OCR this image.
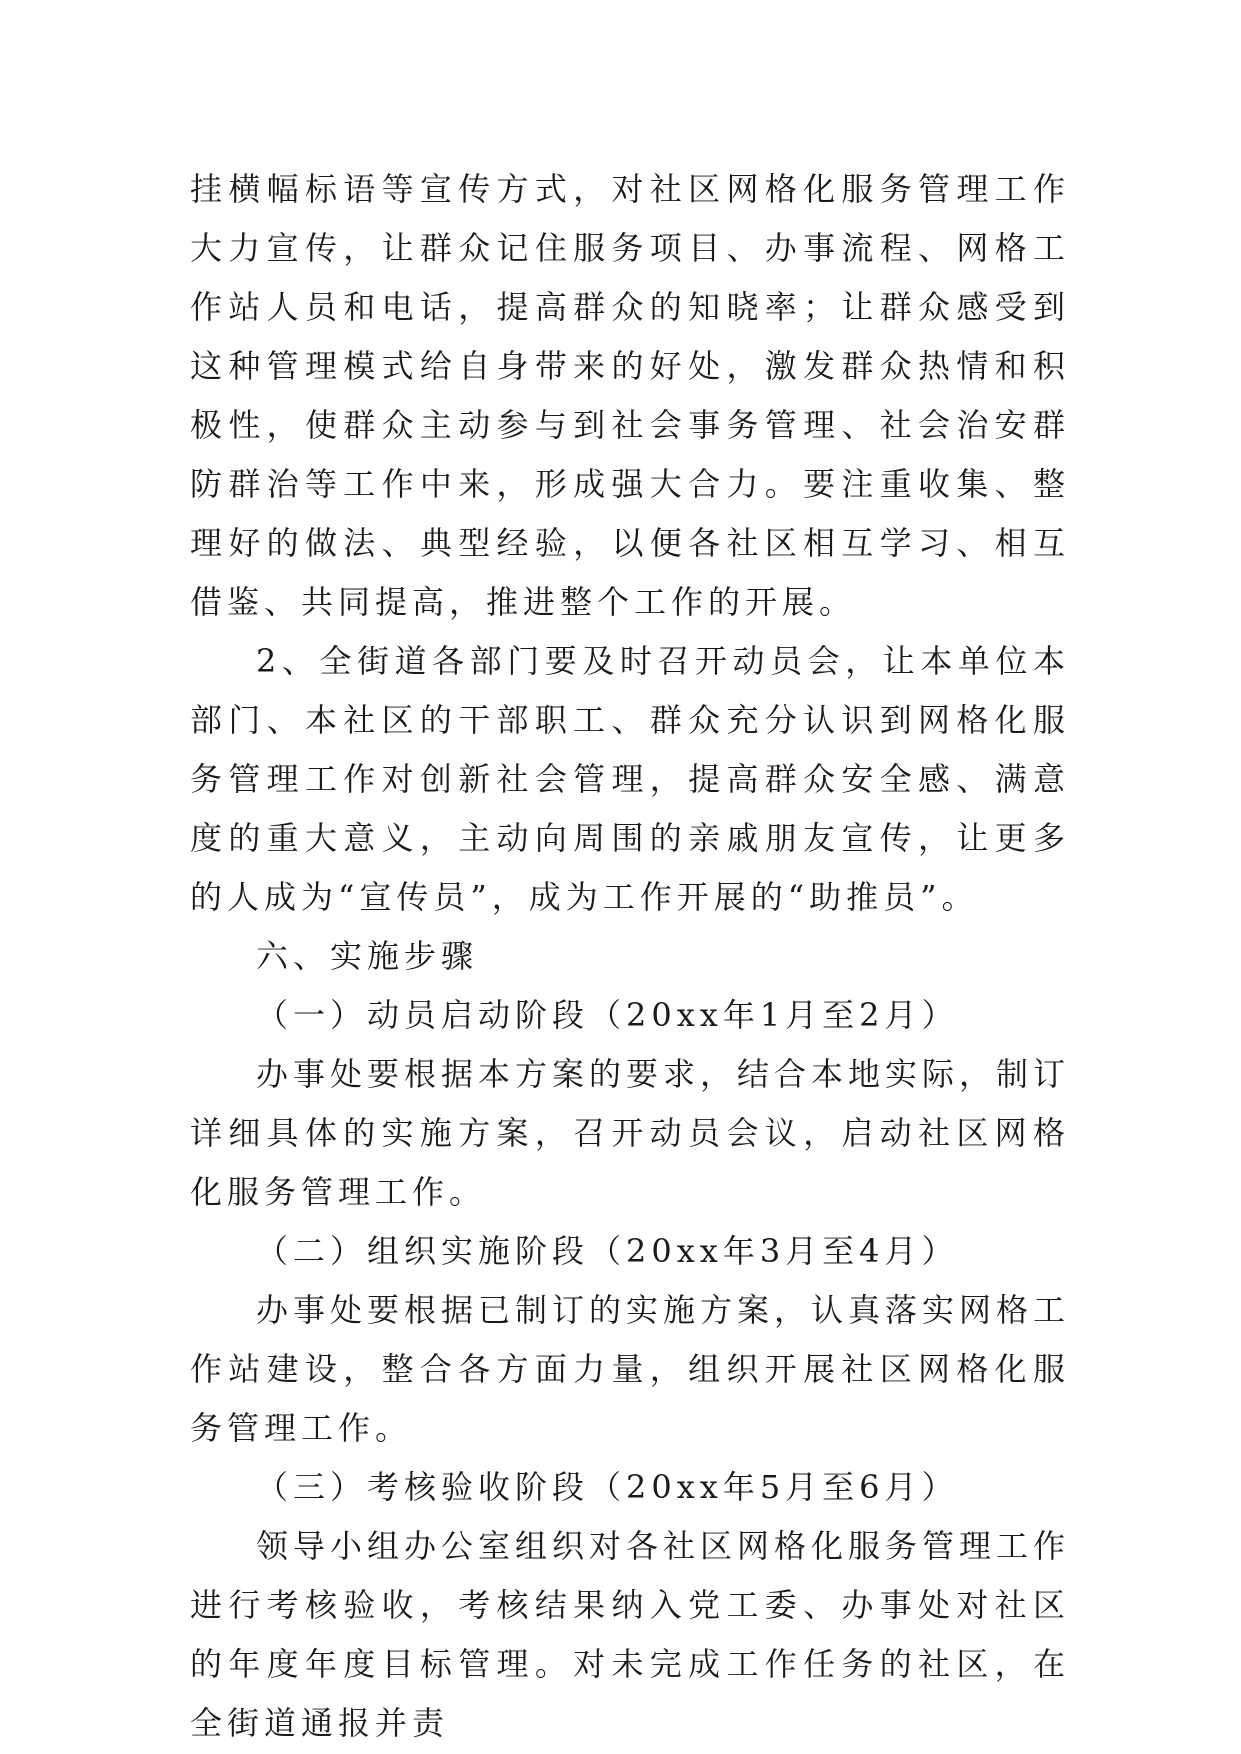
挂横幅标语等宣传方式，对社区网格化服务管理工作大力宣传，让群众记住服务项目、办事流程、网格工作站人员和电话，提高群众的知晓率；让群众感受到这种管理模式给自身带来的好处，激发群众热情和积极性，使群众主动参与到社会事务管理、社会治安群防群治等工作中来，形成强大合力。要注重收集、整理好的做法、典型经验，以便各社区相互学习、相互借鉴、共同提高，推进整个工作的开展。

2、全街道各部门要及时召开动员会，让本单位本部门、本社区的干部职工、群众充分认识到网格化服务管理工作对创新社会管理，提高群众安全感、满意度的重大意义，主动向周围的亲戚朋友宣传，让更多的人成为“宣传员”，成为工作开展的“助推员”。

六、实施步骤

（一）动员启动阶段（20xx年1月至2月）

办事处要根据本方案的要求，结合本地实际，制订详细具体的实施方案，召开动员会议，启动社区网格化服务管理工作。

（二）组织实施阶段（20xx年3月至4月）

办事处要根据已制订的实施方案，认真落实网格工作站建设，整合各方面力量，组织开展社区网格化服务管理工作。

（三）考核验收阶段（20xx年5月至6月）

领导小组办公室组织对各社区网格化服务管理工作进行考核验收，考核结果纳入党工委、办事处对社区的年度年度目标管理。对未完成工作任务的社区，在全街道通报并责
